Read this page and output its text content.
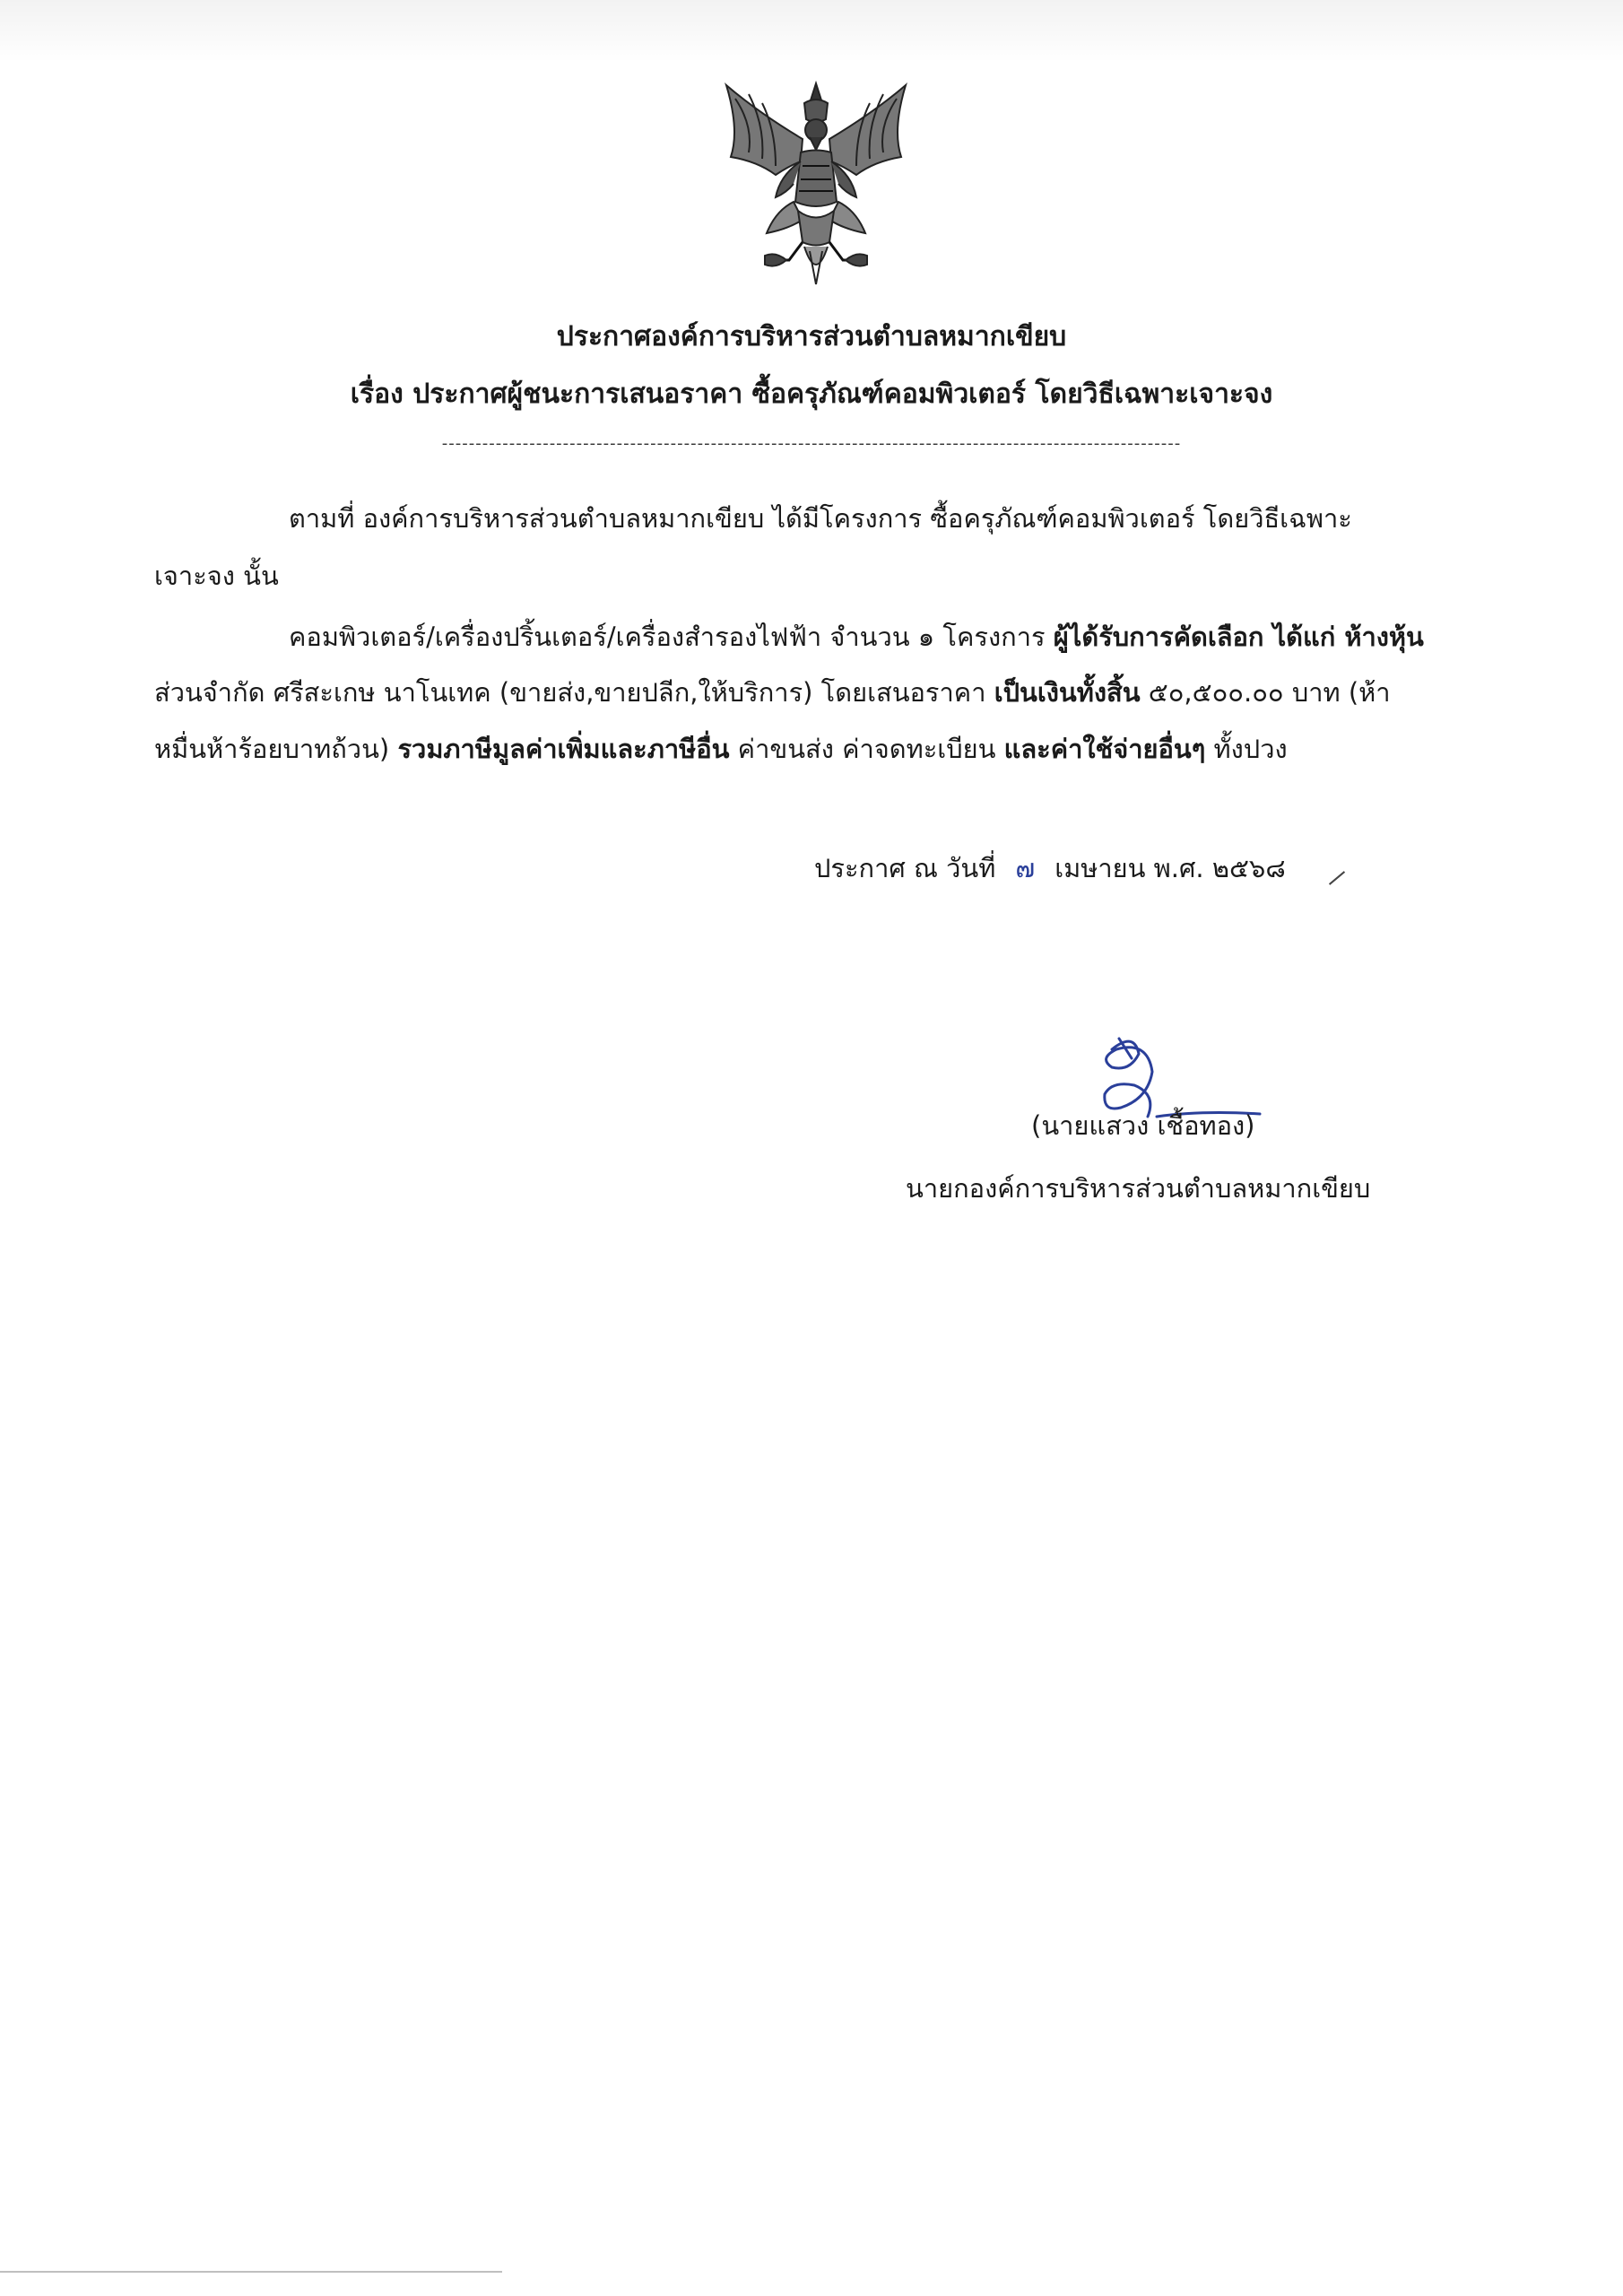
ประกาศองค์การบริหารส่วนตำบลหมากเขียบ
เรื่อง ประกาศผู้ชนะการเสนอราคา ซื้อครุภัณฑ์คอมพิวเตอร์ โดยวิธีเฉพาะเจาะจง
--------------------------------------------------------------------------------------------------------------
ตามที่ องค์การบริหารส่วนตำบลหมากเขียบ ได้มีโครงการ ซื้อครุภัณฑ์คอมพิวเตอร์ โดยวิธีเฉพาะ
เจาะจง นั้น
คอมพิวเตอร์/เครื่องปริ้นเตอร์/เครื่องสำรองไฟฟ้า จำนวน ๑ โครงการ ผู้ได้รับการคัดเลือก ได้แก่ ห้างหุ้น
ส่วนจำกัด ศรีสะเกษ นาโนเทค (ขายส่ง,ขายปลีก,ให้บริการ) โดยเสนอราคา เป็นเงินทั้งสิ้น ๕๐,๕๐๐.๐๐ บาท (ห้า
หมื่นห้าร้อยบาทถ้วน) รวมภาษีมูลค่าเพิ่มและภาษีอื่น ค่าขนส่ง ค่าจดทะเบียน และค่าใช้จ่ายอื่นๆ ทั้งปวง
ประกาศ ณ วันที่ ๗ เมษายน พ.ศ. ๒๕๖๘
(นายแสวง เชื้อทอง)
นายกองค์การบริหารส่วนตำบลหมากเขียบ
